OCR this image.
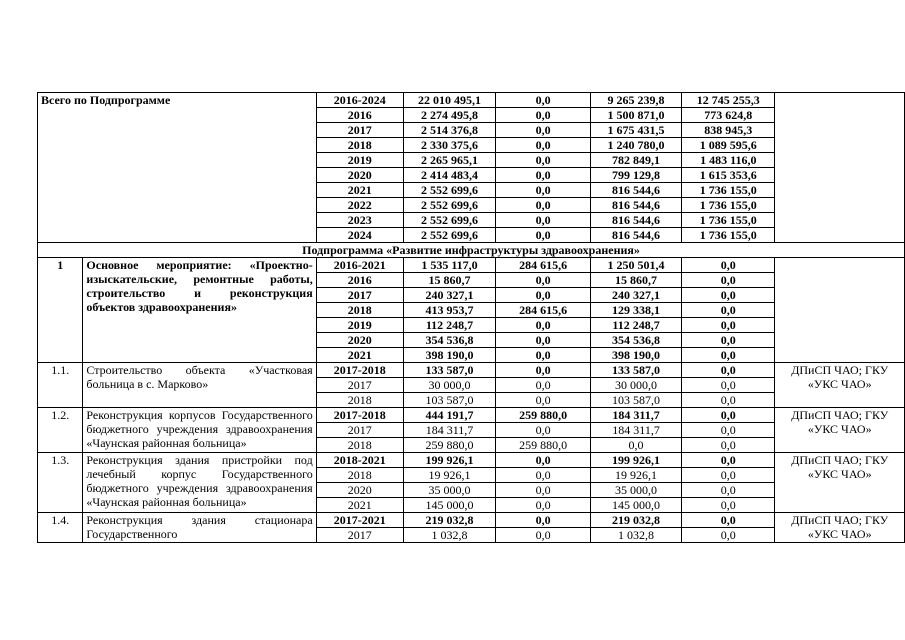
Всего по Подпрограмме		2016-2024	22 010 495,1	0,0	9 265 239,8	12 745 255,3	
		2016	2 274 495,8	0,0	1 500 871,0	773 624,8	
		2017	2 514 376,8	0,0	1 675 431,5	838 945,3	
		2018	2 330 375,6	0,0	1 240 780,0	1 089 595,6	
		2019	2 265 965,1	0,0	782 849,1	1 483 116,0	
		2020	2 414 483,4	0,0	799 129,8	1 615 353,6	
		2021	2 552 699,6	0,0	816 544,6	1 736 155,0	
		2022	2 552 699,6	0,0	816 544,6	1 736 155,0	
		2023	2 552 699,6	0,0	816 544,6	1 736 155,0	
		2024	2 552 699,6	0,0	816 544,6	1 736 155,0	
Подпрограмма «Развитие инфраструктуры здравоохранения»							
1	Основное мероприятие: «Проектно-изыскательские, ремонтные работы, строительство и реконструкция объектов здравоохранения»	2016-2021	1 535 117,0	284 615,6	1 250 501,4	0,0	
		2016	15 860,7	0,0	15 860,7	0,0	
		2017	240 327,1	0,0	240 327,1	0,0	
		2018	413 953,7	284 615,6	129 338,1	0,0	
		2019	112 248,7	0,0	112 248,7	0,0	
		2020	354 536,8	0,0	354 536,8	0,0	
		2021	398 190,0	0,0	398 190,0	0,0	
1.1.	Строительство объекта «Участковая больница в с. Марково»	2017-2018	133 587,0	0,0	133 587,0	0,0	ДПиСП ЧАО; ГКУ «УКС ЧАО»
		2017	30 000,0	0,0	30 000,0	0,0	
		2018	103 587,0	0,0	103 587,0	0,0	
1.2.	Реконструкция корпусов Государственного бюджетного учреждения здравоохранения «Чаунская районная больница»	2017-2018	444 191,7	259 880,0	184 311,7	0,0	ДПиСП ЧАО; ГКУ «УКС ЧАО»
		2017	184 311,7	0,0	184 311,7	0,0	
		2018	259 880,0	259 880,0	0,0	0,0	
1.3.	Реконструкция здания пристройки под лечебный корпус Государственного бюджетного учреждения здравоохранения «Чаунская районная больница»	2018-2021	199 926,1	0,0	199 926,1	0,0	ДПиСП ЧАО; ГКУ «УКС ЧАО»
		2018	19 926,1	0,0	19 926,1	0,0	
		2020	35 000,0	0,0	35 000,0	0,0	
		2021	145 000,0	0,0	145 000,0	0,0	
1.4.	Реконструкция здания стационара Государственного	2017-2021	219 032,8	0,0	219 032,8	0,0	ДПиСП ЧАО; ГКУ «УКС ЧАО»
		2017	1 032,8	0,0	1 032,8	0,0	
